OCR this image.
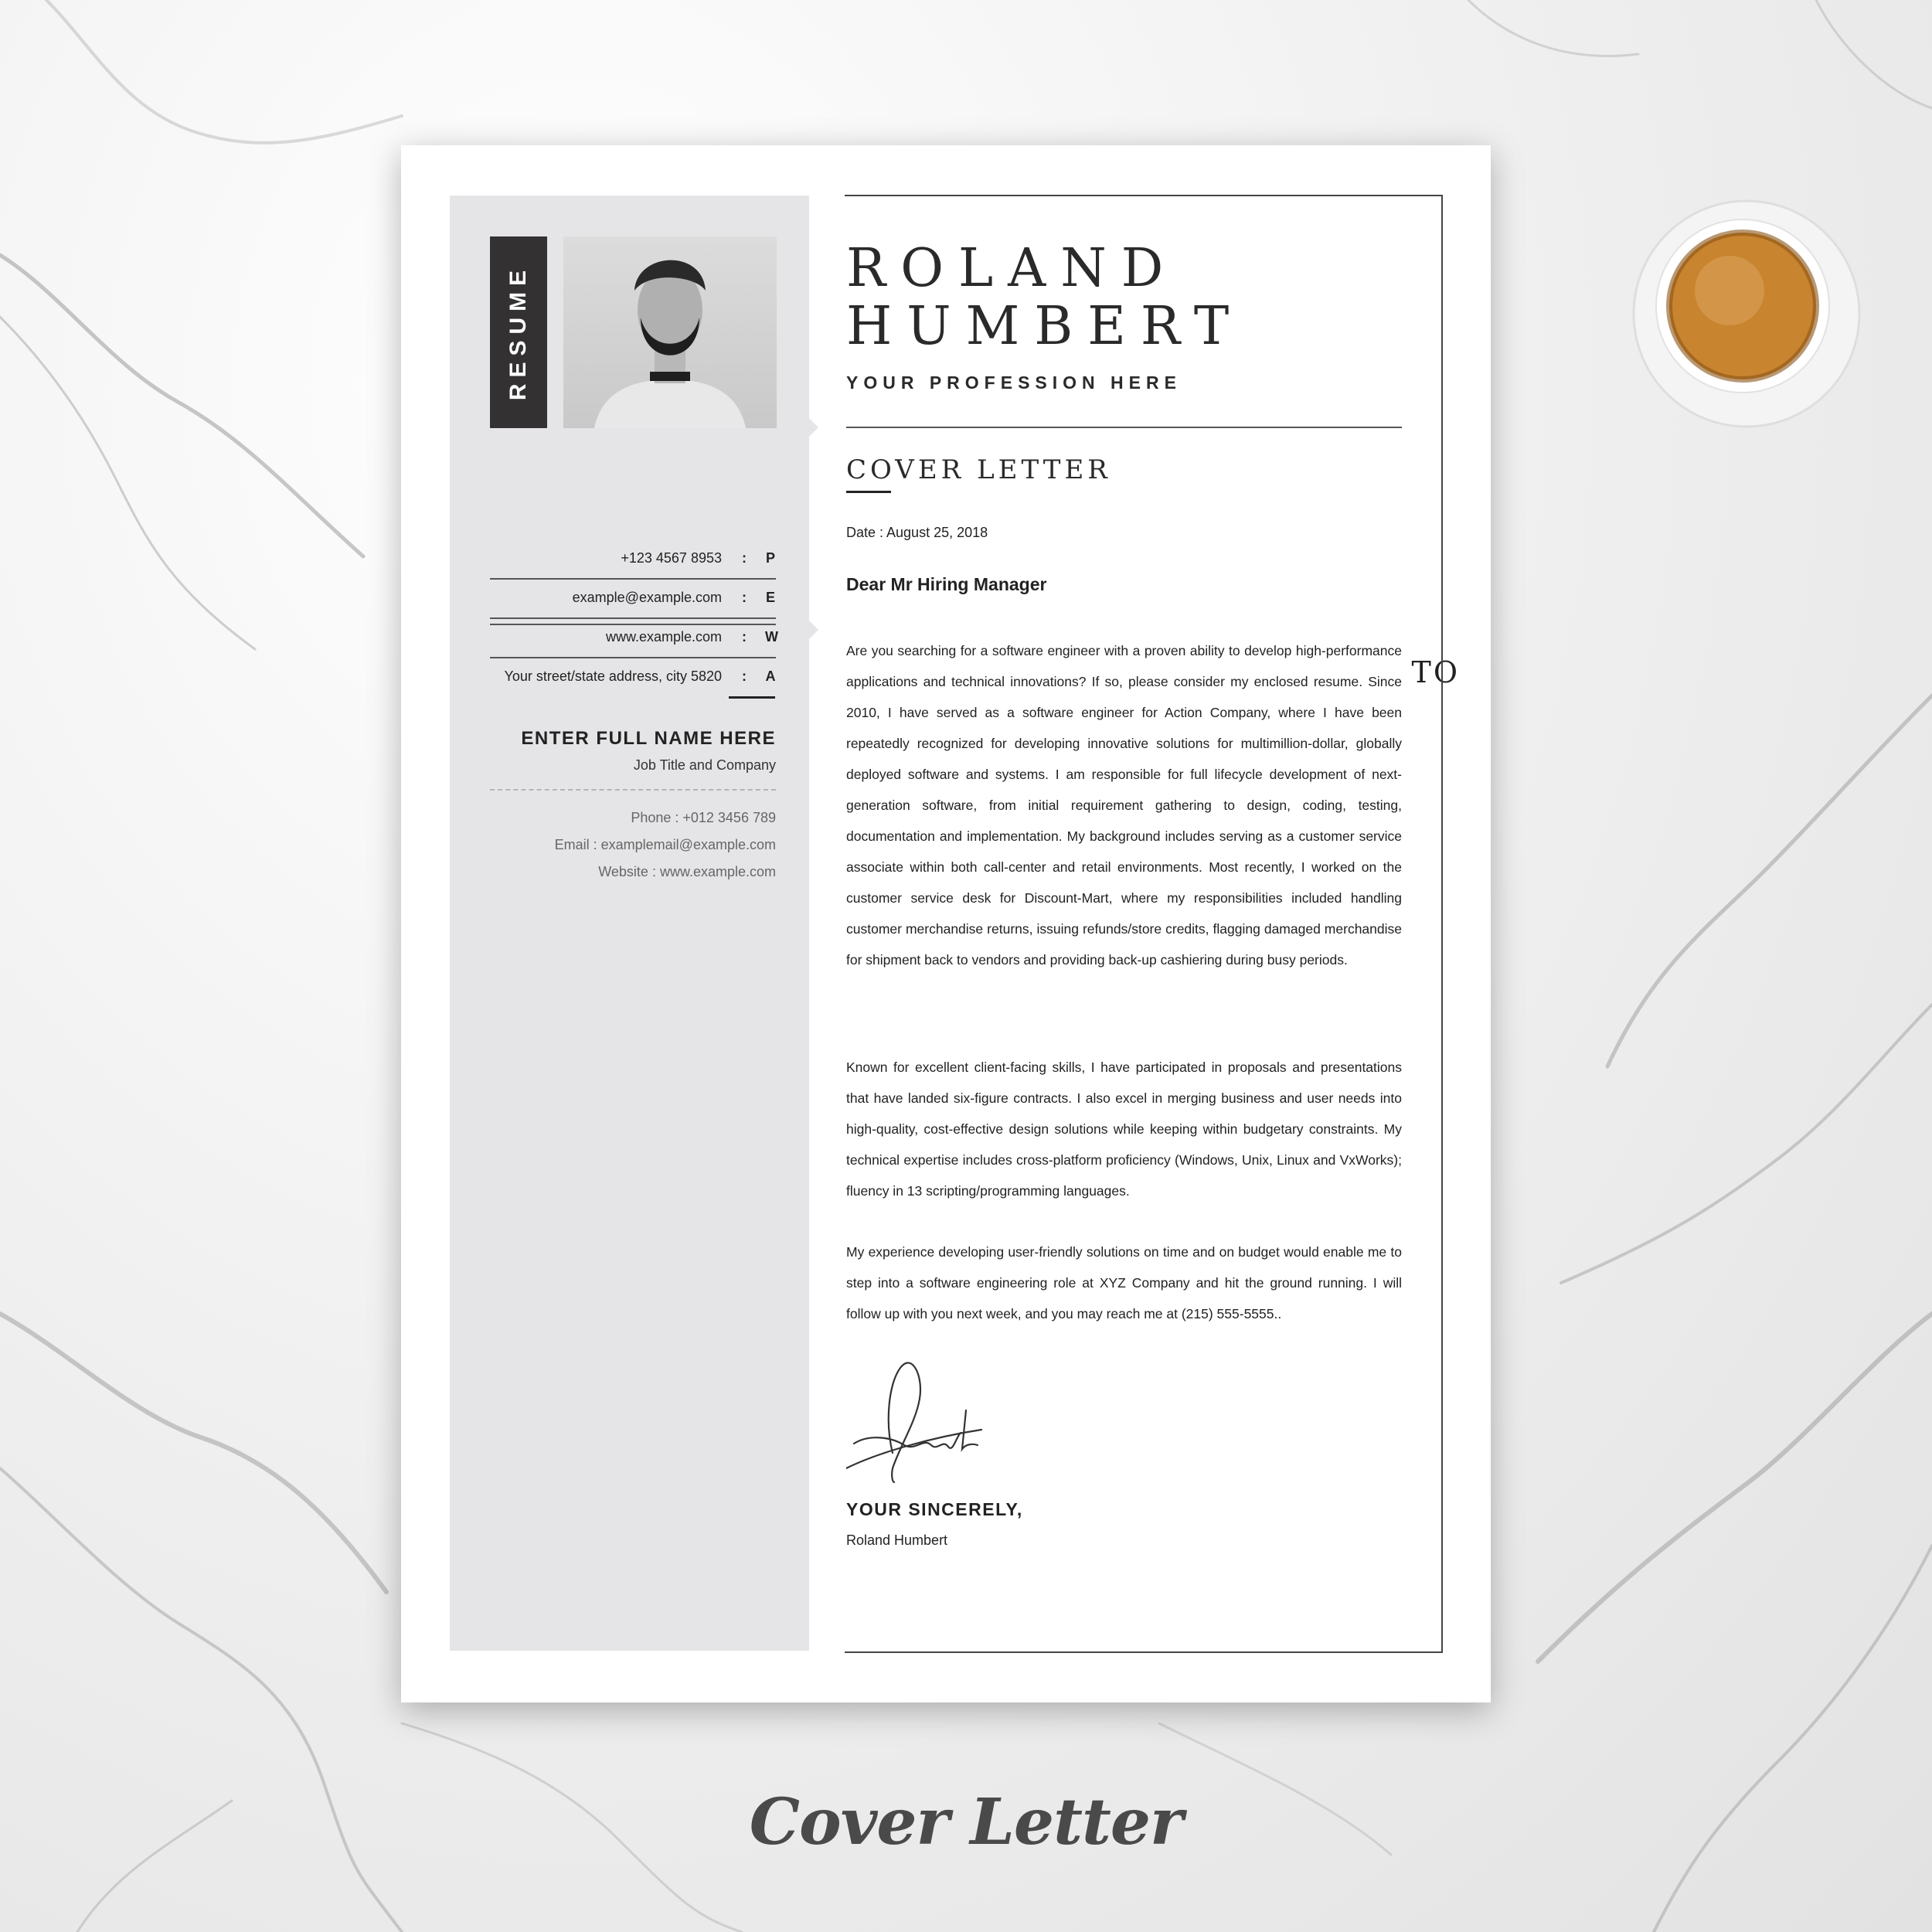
RESUME
+123 4567 8953 : P
example@example.com : E
www.example.com : W
Your street/state address, city 5820 : A	TO
ENTER FULL NAME HERE
Job Title and Company
Phone : +012 3456 789
Email : examplemail@example.com
Website : www.example.com
ROLAND
HUMBERT
YOUR PROFESSION HERE
COVER LETTER
Date : August 25, 2018
Dear Mr Hiring Manager

Are you searching for a software engineer with a proven ability to develop high-performance applications and technical innovations? If so, please consider my enclosed resume. Since 2010, I have served as a software engineer for Action Company, where I have been repeatedly recognized for developing innovative solutions for multimillion-dollar, globally deployed software and systems. I am responsible for full lifecycle development of next-generation software, from initial requirement gathering to design, coding, testing, documentation and implementation. My background includes serving as a customer service associate within both call-center and retail environments. Most recently, I worked on the customer service desk for Discount-Mart, where my responsibilities included handling customer merchandise returns, issuing refunds/store credits, flagging damaged merchandise for shipment back to vendors and providing back-up cashiering during busy periods.

Known for excellent client-facing skills, I have participated in proposals and presentations that have landed six-figure contracts. I also excel in merging business and user needs into high-quality, cost-effective design solutions while keeping within budgetary constraints. My technical expertise includes cross-platform proficiency (Windows, Unix, Linux and VxWorks); fluency in 13 scripting/programming languages.

My experience developing user-friendly solutions on time and on budget would enable me to step into a software engineering role at XYZ Company and hit the ground running. I will follow up with you next week, and you may reach me at (215) 555-5555..

YOUR SINCERELY,
Roland Humbert
Cover Letter
